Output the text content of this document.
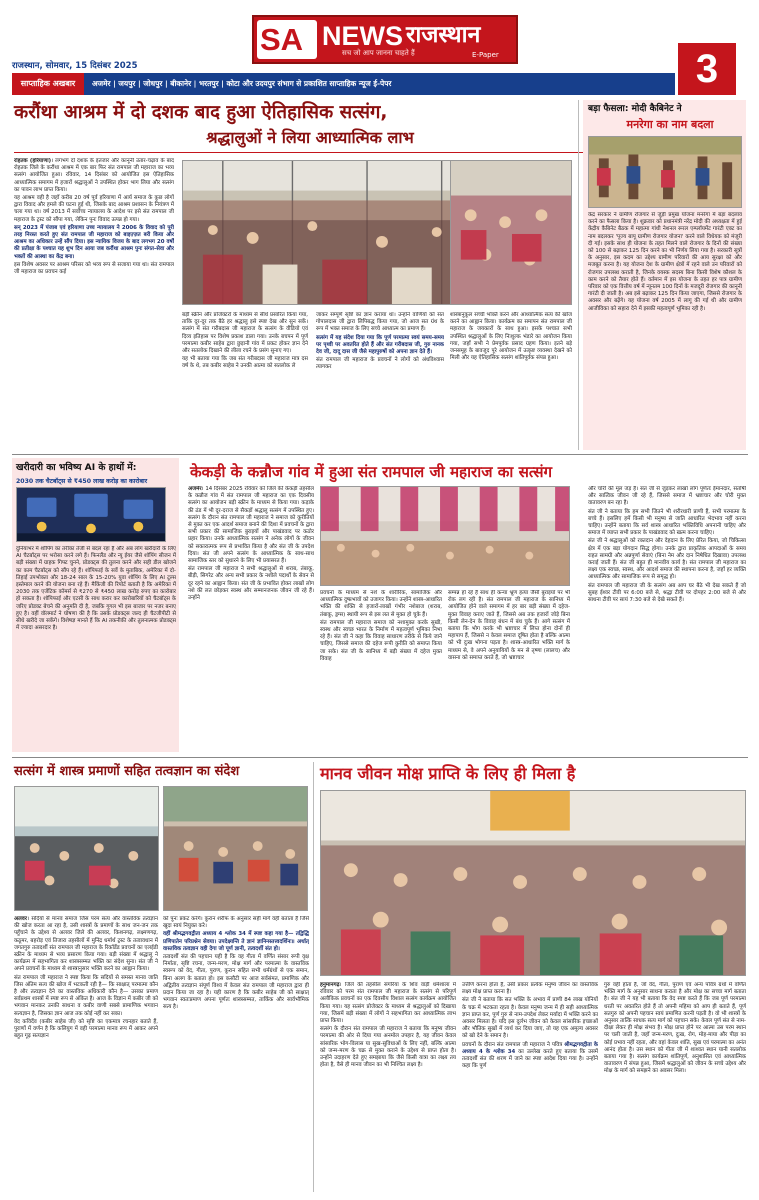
SA NEWS राजस्थान
सच जो आप जानना चाहते हैं	E-Paper
राजस्थान, सोमवार, 15 दिसंबर 2025	3
साप्ताहिक अखबार	अजमेर | जयपुर | जोधपुर | बीकानेर | भरतपुर | कोटा और उदयपुर संभाग से प्रकाशित साप्ताहिक न्यूज ई-पेपर
करौंथा आश्रम में दो दशक बाद हुआ ऐतिहासिक सत्संग,
श्रद्धालुओं ने लिया आध्यात्मिक लाभ

रोहतक (हरियाणा)। लगभग दो दशक के इंतजार और कानूनी उतार-चढ़ाव के बाद रोहतक जिले के करौंथा आश्रम में एक बार फिर संत रामपाल जी महाराज का भव्य सत्संग आयोजित हुआ। रविवार, 14 दिसंबर को आयोजित इस ऐतिहासिक आध्यात्मिक समागम में हजारों श्रद्धालुओं ने उपस्थित होकर भाग लिया और सत्संग का पावन लाभ प्राप्त किया।

यह आश्रम वही है जहाँ करीब 20 वर्ष पूर्व हरियाणा में आर्य समाज के कुछ लोगों द्वारा विवाद और हमले की घटना हुई थी, जिसके बाद आश्रम प्रशासन के नियंत्रण में चला गया था। वर्ष 2013 में सर्वोच्च न्यायालय के आदेश पर इसे संत रामपाल जी महाराज के ट्रस्ट को सौंपा गया, लेकिन पुनः विवाद उत्पन्न हो गया।

सन् 2023 में पंजाब एवं हरियाणा उच्च न्यायालय ने 2006 के विवाद को पूरी तरह निरस्त करते हुए संत रामपाल जी महाराज को बाइज़्ज़त बरी किया और आश्रम का अधिकार उन्हें सौंप दिया। इस न्यायिक विजय के बाद लगभग 20 वर्षों की प्रतीक्षा के पश्चात यह शुभ दिन आया जब करौंथा आश्रम पुनः संगत-सेवा और भक्तों की आस्था का केंद्र बना।

इस विशेष अवसर पर आश्रम परिसर को भव्य रूप से सजाया गया था। संत रामपाल जी महाराज का प्रवचन कई

बड़ी स्क्रीन और प्रोजेक्टरों के माध्यम से सीधे प्रसारित किया गया, ताकि दूर-दूर तक बैठे हर श्रद्धालु इसे स्पष्ट देख और सुन सकें। सत्संग में संत गरीबदास जी महाराज के सत्संग के वीडियो एवं दिव्य इतिहास पर विशेष प्रकाश डाला गया। उनके बचपन में पूर्ण परमात्मा कबीर साहेब द्वारा छुड़ानी गांव में प्रकट होकर ज्ञान देने और सतलोक दिखाने की लीला रचने के प्रसंग सुनाए गए।

यह भी बताया गया कि जब संत गरीबदास जी महाराज मात्र दस वर्ष के थे, तब कबीर साहेब ने उनकी आत्मा को सतलोक ले

जाकर सम्पूर्ण सृष्टि का ज्ञान कराया था। उन्होंने वाणियों को संत गोपालदास जी द्वारा लिपिबद्ध किया गया, जो आज सत ग्रंथ के रूप में भक्त समाज के लिए सच्चे आध्यात्म का प्रमाण हैं।

सत्संग में यह संदेश दिया गया कि पूर्ण परमात्मा स्वयं समय-समय पर पृथ्वी पर अवतरित होते हैं और संत गरीबदास जी, गुरु नानक देव जी, दादू दास जी जैसे महापुरुषों को अपना ज्ञान देते हैं।

संत रामपाल जी महाराज के प्रवचनों ने लोगों को अंधविश्वास त्यागकर

शास्त्रानुकूल सच्ची भक्ति करने और आध्यात्मिक सत्य की खोज करने का आह्वान किया। कार्यक्रम का समापन संत रामपाल जी महाराज के जयकारों के साथ हुआ। इसके पश्चात सभी उपस्थित श्रद्धालुओं के लिए निःशुल्क भंडारे का आयोजन किया गया, जहाँ सभी ने प्रेमपूर्वक प्रसाद ग्रहण किया। इतने बड़े जनसमूह के बावजूद पूरे आयोजन में उत्कृष्ट व्यवस्था देखने को मिली और यह ऐतिहासिक सत्संग शांतिपूर्वक संपन्न हुआ।

बड़ा फैसला: मोदी कैबिनेट ने
मनरेगा का नाम बदला
केंद्र सरकार ने ग्रामीण रोजगार से जुड़ी प्रमुख योजना मनरेगा में बड़ा बदलाव करने का फैसला किया है। शुक्रवार को प्रधानमंत्री नरेंद्र मोदी की अध्यक्षता में हुई केंद्रीय कैबिनेट बैठक में महात्मा गांधी नेशनल रूरल एम्प्लॉयमेंट गारंटी एक्ट का नाम बदलकर 'पूज्य बापू ग्रामीण रोजगार योजना' करने वाले विधेयक को मंजूरी दी गई। इसके साथ ही योजना के तहत मिलने वाले रोजगार के दिनों की संख्या को 100 से बढ़ाकर 125 दिन करने का भी निर्णय लिया गया है। सरकारी सूत्रों के अनुसार, इस कदम का उद्देश्य ग्रामीण परिवारों की आय सुरक्षा को और मजबूत करना है। यह योजना देश के ग्रामीण क्षेत्रों में रहने वाले उन परिवारों को रोजगार उपलब्ध कराती है, जिनके वयस्क सदस्य बिना किसी विशेष कौशल के काम करने को तैयार होते हैं। वर्तमान में इस योजना के तहत हर पात्र ग्रामीण परिवार को एक वित्तीय वर्ष में न्यूनतम 100 दिनों के मजदूरी रोजगार की कानूनी गारंटी दी जाती है। अब इसे बढ़ाकर 125 दिन किया जाएगा, जिससे रोजगार के अवसर और बढ़ेंगे। यह योजना वर्ष 2005 में लागू की गई थी और ग्रामीण आजीविका को सहारा देने में इसकी महत्वपूर्ण भूमिका रही है।
खरीदारी का भविष्य AI के हाथों में:
2030 तक चैटबॉट्स से ₹450 लाख करोड़ का कारोबार
दुनियाभर में शॉपिंग का तरीका तेजी से बदल रहा है और अब लोग खरीदारी के लिए AI चैटबॉट्स पर भरोसा करने लगे हैं। फिनलैंड और न्यू ईयर जैसे शॉपिंग सीजन में बड़ी संख्या में ग्राहक गिफ्ट चुनने, प्रोडक्ट्स की तुलना करने और सही डील खोजने का काम चैटबॉट्स को सौंप रहे हैं। शॉपिफाई के सर्वे के मुताबिक, अमेरिका में दो-तिहाई उपभोक्ता और 18-24 साल के 15-20% युवा शॉपिंग के लिए AI टूल्स इस्तेमाल करने की योजना बना रहे हैं। मैकिंजी की रिपोर्ट बताती है कि अमेरिका में 2030 तक एजेंटिक कॉमर्स से ₹270 से ₹450 लाख करोड़ रुपए का कारोबार हो सकता है। शॉपिफाई और एटसी के साथ करार कर कारोबारियों को चैटबॉट्स के जरिए प्रोडक्ट बेचने की अनुमति दी है, जबकि गूगल भी इस बाजार पर नजर बनाए हुए है। वहीं वॉलमार्ट ने घोषणा की है कि उसके प्रोडक्ट्स जल्द ही चैटजीपीटी से सीधे खरीदे जा सकेंगे। विशेषज्ञ मानते हैं कि AI तकनीकी और तुलनात्मक प्रोडक्ट्स में ज्यादा असरदार है।
केकड़ी के कन्नौज गांव में हुआ संत रामपाल जी महाराज का सत्संग

अजमेर। 14 दिसंबर 2025 रविवार को जिले की केकड़ी तहसील के कन्नौज गांव में संत रामपाल जी महाराज का एक दिवसीय सत्संग का आयोजन बड़ी स्क्रीन के माध्यम से किया गया। कड़ाके की ठंड में भी दूर-दराज से सैकड़ों श्रद्धालु सत्संग में उपस्थित हुए। सत्संग के दौरान संत रामपाल जी महाराज ने समाज को कुरीतियों से मुक्त कर एक आदर्श समाज बनाने की दिशा में प्रवचनों के द्वारा सभी प्रकार की सामाजिक बुराइयों और पाखंडवाद पर कठोर प्रहार किया। उनके आध्यात्मिक सत्संग ने अनेक लोगों के जीवन को सकारात्मक रूप से प्रभावित किया है और संत जी के उपदेश दिया। संत जी अपने सत्संग के आध्यात्मिक के साथ-साथ सामाजिक स्तर को सुधारने के लिए भी प्रयासरत हैं।

संत रामपाल जी महाराज ने सभी श्रद्धालुओं से शराब, तंबाकू, बीड़ी, सिगरेट और अन्य सभी प्रकार के नशीले पदार्थों के सेवन से दूर रहने का आह्वान किया। संत जी के प्रभावित होकर लाखों लोग नशे की लत छोड़कर स्वस्थ और सम्मानजनक जीवन जी रहे हैं। उन्होंने

प्रवचनों के माध्यम से नशे के शारीरिक, सामाजिक और आध्यात्मिक दुष्प्रभावों को उजागर किया। उन्होंने शास्त्र-आधारित भक्ति की शक्ति से हजारों-लाखों गंभीर नशेबाज (शराब, तंबाकू, ड्रग्स) स्थायी रूप से इस लत से मुक्त हो चुके हैं।

संत रामपाल जी महाराज समाज को नशामुक्त करके सुखी, स्वस्थ और स्वच्छ भारत के निर्माण में महत्वपूर्ण भूमिका निभा रहे हैं। संत जी ने कहा कि विवाह साधारण तरीके से किये जाने चाहिए, जिससे समाज की दहेज रूपी कुरीति को समाप्त किया जा सके। संत जी के सानिध्य में बड़ी संख्या में दहेज मुक्त विवाह

सम्पन्न हो रहे हैं साथ ही कन्या भ्रूण हत्या जैसी बुराइयों पर भी रोक लग रही है। संत रामपाल जी महाराज के सानिध्य में आयोजित होने वाले समागम में हर बार बड़ी संख्या में दहेज-मुक्त विवाह कराए जाते हैं, जिससे अब तक हजारों जोड़े बिना किसी लेन-देन के विवाह बंधन में बंध चुके हैं। आगे सत्संग में बताया कि भोग करके भी भ्रष्टाचार में लिप्त होना दोनों ही महापाप हैं, जिससे न केवल समाज दूषित होता है बल्कि आत्मा को भी दुःख भोगना पड़ता है। शास्त्र-आधारित भक्ति मार्ग के माध्यम से, वे अपने अनुयायियों के मन से तृष्णा (लालच) और वासना को समाप्त करते हैं, जो भ्रष्टाचार

और चोरी की मूल जड़ हैं। संत जी से जुड़कर लाखों लोग पूर्णतः ईमानदार, संतोषी और सात्विक जीवन जी रहे हैं, जिससे समाज में भ्रष्टाचार और चोरी मुक्त वातावरण बन रहा है।

संत जी ने बताया कि हम सभी जितने भी शरीरधारी प्राणी हैं, सभी परमात्मा के बच्चे हैं। इसलिए हमें किसी भी मनुष्य से जाति आधारित भेदभाव नहीं करना चाहिए। उन्होंने बताया कि सर्व शास्त्र आधारित भक्तिविधि अपनानी चाहिए और समाज में व्याप्त सभी प्रकार के पाखंडवाद को खत्म करना चाहिए।

संत जी ने श्रद्धालुओं को रक्तदान और देहदान के लिए प्रेरित किया, जो चिकित्सा क्षेत्र में एक बड़ा योगदान सिद्ध होगा। उनके द्वारा प्राकृतिक आपदाओं के समय राहत सामग्री और अन्नपूर्णा सेवाएं (बिना नेम और दान निषेधित दिखावा) उपलब्ध कराई जाती हैं। संत जी बहुत ही मानवीय कार्य है। संत रामपाल जी महाराज का लक्ष्य एक स्वच्छ, स्वस्थ, और आदर्श समाज की स्थापना करना है, जहाँ हर व्यक्ति आध्यात्मिक और सामाजिक रूप से समृद्ध हो।

संत रामपाल जी महाराज जी के सत्संग अब आप घर बैठे भी देख सकते हैं जो सुबह ईश्वर टीवी पर 6:00 बजे से, श्रद्धा टीवी पर दोपहर 2:00 बजे से और साधना टीवी पर सायं 7:30 बजे से देखे सकते हैं।

सत्संग में शास्त्र प्रमाणों सहित तत्वज्ञान का संदेश

अलवर। सदियों से मानव समाज जिस परम सत्य और वास्तविक तत्वज्ञान की खोज करता आ रहा है, उसी शास्त्रों के प्रमाणों के साथ जन-जन तक पहुँचाने के उद्देश्य से अलवर जिले की अलवर, किशनगढ़, लक्ष्मणगढ़, कठूमर, बहरोड़ एवं तिजारा तहसीलों में मुनिंद्र धर्मार्थ ट्रस्ट के तत्वावधान में जगतगुरु तत्वदर्शी संत रामपाल जी महाराज के रिकॉर्डेड प्रवचनों का एलईडी स्क्रीन के माध्यम से भव्य प्रसारण किया गया। बड़ी संख्या में श्रद्धालु ने कार्यक्रम में सहभागिता कर शास्त्रसम्मत भक्ति का संदेश सुना। संत जी ने अपने प्रवचनों के माध्यम से शास्त्रानुसार भक्ति करने का आह्वान किया।

संत रामपाल जी महाराज ने स्पष्ट किया कि सदियों से समस्त मानव जाति जिस अंतिम सत्य की खोज में भटकती रही है— कि साक्षात् परमात्मा कौन है और तत्वज्ञान देने का वास्तविक अधिकारी कौन है— उसका प्रमाण सर्वप्रथम शास्त्रों में स्पष्ट रूप से अंकित है। आज के विज्ञान में कबीर जी को भगवान मानकर उनकी साधना व कबीर वाणी सबसे प्रामाणिक भगवान सत्यज्ञान है, जिसका ज्ञान आज तक कोई नहीं कर सका।

वेद कविर्देव (कबीर साहेब जी) को सृष्टि का एकमात्र रचनहार बताते हैं, पुराणों में वर्णन है कि कलियुग में वही परमात्मा मानव रूप में आकर अपने बहुत गूढ़ सत्यज्ञान

को पुनः प्रकट करेंगे। कुरान शरीफ के अनुसार सही मार्ग वही बताता है जिसे खुदा स्वयं नियुक्त करे।

वहीं श्रीमद्भगवद्गीता अध्याय 4 श्लोक 34 में स्पष्ट कहा गया है— तद्विद्धि प्रणिपातेन परिप्रश्नेन सेवया। उपदेक्ष्यन्ति ते ज्ञानं ज्ञानिनस्तत्त्वदर्शिनः॥ अर्थात् वास्तविक तत्वज्ञान वही देगा जो पूर्ण ज्ञानी, तत्वदर्शी संत हो।

तत्वदर्शी संत की पहचान यही है कि वह गीता में वर्णित संसार रूपी वृक्ष निर्माता, सृष्टि रचना, जन्म-मरण, मोक्ष मार्ग और परमात्मा के वास्तविक स्वरूप को वेद, गीता, पुराण, कुरान सहित सभी धर्मग्रंथों से एक समान, बिना अलग के बताता हो। इस कसौटी पर आज सर्वसंमत, प्रमाणिक और अद्वितीय तत्वज्ञान संपूर्ण विश्व में केवल संत रामपाल जी महाराज द्वारा ही प्रदान किया जा रहा है। यही कारण है कि कबीर साहेब जी को साक्षात् भगवान स्वतःप्रमाण अपना पूर्णतः शास्त्रसम्मत, तार्किक और सार्वभौमिक सत्य है।

मानव जीवन मोक्ष प्राप्ति के लिए ही मिला है

हनुमानगढ़। जिले की तहसील संगरिया के शिव वाड़ी धर्मशाला में रविवार को परम संत रामपाल जी महाराज के सत्संग से परिपूर्ण अलौकिक प्रवचनों का एक दिवसीय विशाल सत्संग कार्यक्रम आयोजित किया गया। यह सत्संग प्रोजेक्टर के माध्यम से श्रद्धालुओं को दिखाया गया, जिसमें बड़ी संख्या में लोगों ने सहभागिता कर आध्यात्मिक लाभ प्राप्त किया।

सत्संग के दौरान संत रामपाल जी महाराज ने बताया कि मनुष्य जीवन परमात्मा की ओर से दिया गया अनमोल उपहार है, यह जीवन केवल सांसारिक भोग-विलास या सुख-सुविधाओं के लिए नहीं, बल्कि आत्मा को जन्म-मरण के चक्र से मुक्त कराने के उद्देश्य से प्राप्त होता है। उन्होंने उदाहरण देते हुए समझाया कि जैसे किसी यात्रा का लक्ष्य तय होता है, वैसे ही मानव जीवन का भी निश्चित लक्ष्य है।

उत्तीर्ण करना होता है, उसी प्रकार प्रत्येक मनुष्य जीवन का वास्तविक लक्ष्य मोक्ष प्राप्त करना है।

संत जी ने बताया कि सत भक्ति के अभाव में प्राणी 84 लाख योनियों के चक्र में भटकता रहता है। केवल मनुष्य जन्म में ही सही आध्यात्मिक ज्ञान प्राप्त कर, पूर्ण गुरु से नाम-उपदेश लेकर मर्यादा में भक्ति करने का अवसर मिलता है। यदि इस दुर्लभ जीवन को केवल सांसारिक इच्छाओं और भौतिक सुखों में व्यर्थ कर दिया जाए, तो यह एक अमूल्य अवसर को खो देने के समान है।

प्रवचनों के दौरान संत रामपाल जी महाराज ने पवित्र श्रीमद्भगवद्गीता के अध्याय 4 के श्लोक 34 का उल्लेख करते हुए बताया कि उसमें तत्वदर्शी संत की शरण में जाने का स्पष्ट आदेश दिया गया है। उन्होंने कहा कि पूर्ण

गुरु वही होता है, जो वेद, गीता, पुराण एवं अन्य पवित्र ग्रंथों में वर्णित भक्ति मार्ग के अनुसार साधना कराता है और मोक्ष का सच्चा मार्ग बताता है। संत जी ने यह भी बताया कि वेद स्पष्ट करते हैं कि जब पूर्ण परमात्मा धरती पर अवतरित होते हैं तो अपनी महिमा को आप ही बताते हैं, पूर्ण सतगुरु को अपनी पहचान स्वयं प्रमाणित करनी पड़ती है। वो भी शास्त्रों के अनुसार तात्कि साधक सत्य मार्ग को पहचान सके। केवल पूर्ण संत से नाम-दीक्षा लेकर ही मोक्ष संभव है। मोक्ष प्राप्त होने पर आत्मा उस परम स्थान पर चली जाती है, जहाँ जन्म-मरण, दुःख, रोग, मोह-माया और पीड़ा का कोई प्रभाव नहीं रहता, और वहां केवल शांति, सुख एवं परमात्मा का अनंत आनंद होता है। उस स्थान को गीता जी में शाश्वत स्थान यानी सतलोक बताया गया है। सत्संग कार्यक्रम शांतिपूर्ण, अनुशासित एवं आध्यात्मिक वातावरण में संपन्न हुआ, जिसमें श्रद्धालुओं को जीवन के सच्चे उद्देश्य और मोक्ष के मार्ग को समझने का अवसर मिला।
